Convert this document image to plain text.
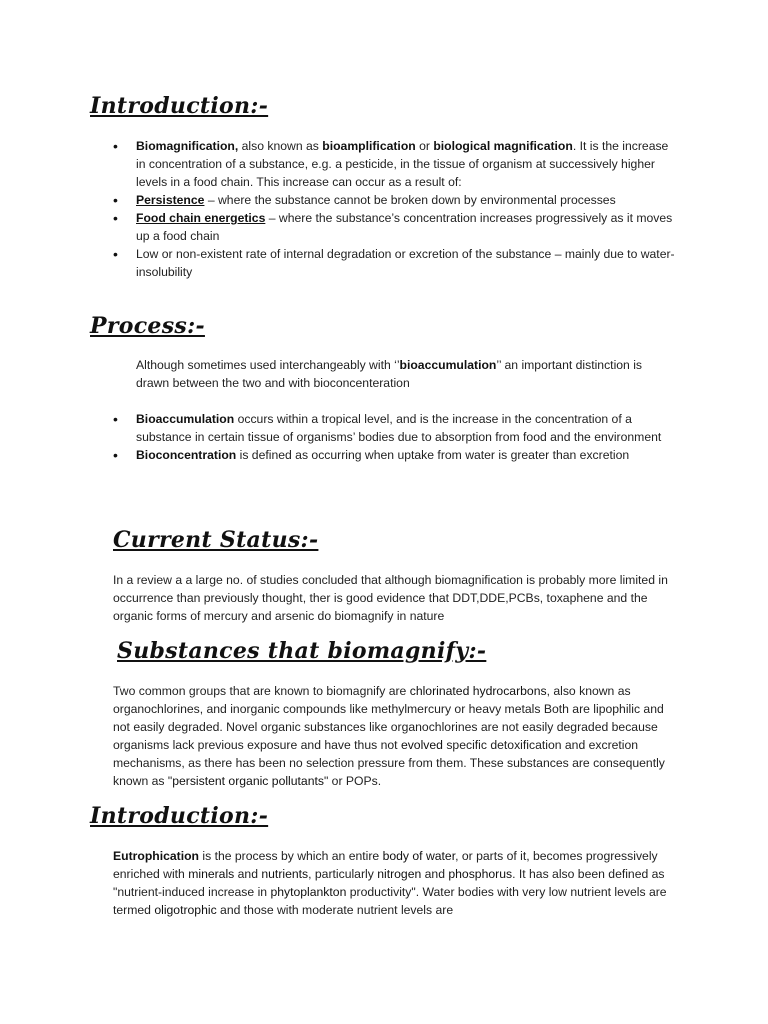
Introduction:-
• Biomagnification, also known as bioamplification or biological magnification. It is the increase in concentration of a substance, e.g. a pesticide, in the tissue of organism at successively higher levels in a food chain. This increase can occur as a result of:
• Persistence – where the substance cannot be broken down by environmental processes
• Food chain energetics – where the substance’s concentration increases progressively as it moves up a food chain
• Low or non-existent rate of internal degradation or excretion of the substance – mainly due to water-insolubility
Process:-

Although sometimes used interchangeably with ‘’bioaccumulation’’ an important distinction is drawn between the two and with bioconcenteration

• Bioaccumulation occurs within a tropical level, and is the increase in the concentration of a substance in certain tissue of organisms’ bodies due to absorption from food and the environment
• Bioconcentration is defined as occurring when uptake from water is greater than excretion
Current Status:-

In a review a a large no. of studies concluded that although biomagnification is probably more limited in occurrence than previously thought, ther is good evidence that DDT,DDE,PCBs, toxaphene and the organic forms of mercury and arsenic do biomagnify in nature

Substances that biomagnify:-

Two common groups that are known to biomagnify are chlorinated hydrocarbons, also known as organochlorines, and inorganic compounds like methylmercury or heavy metals Both are lipophilic and not easily degraded. Novel organic substances like organochlorines are not easily degraded because organisms lack previous exposure and have thus not evolved specific detoxification and excretion mechanisms, as there has been no selection pressure from them. These substances are consequently known as "persistent organic pollutants" or POPs.

Introduction:-

Eutrophication is the process by which an entire body of water, or parts of it, becomes progressively enriched with minerals and nutrients, particularly nitrogen and phosphorus. It has also been defined as "nutrient-induced increase in phytoplankton productivity". Water bodies with very low nutrient levels are termed oligotrophic and those with moderate nutrient levels are
